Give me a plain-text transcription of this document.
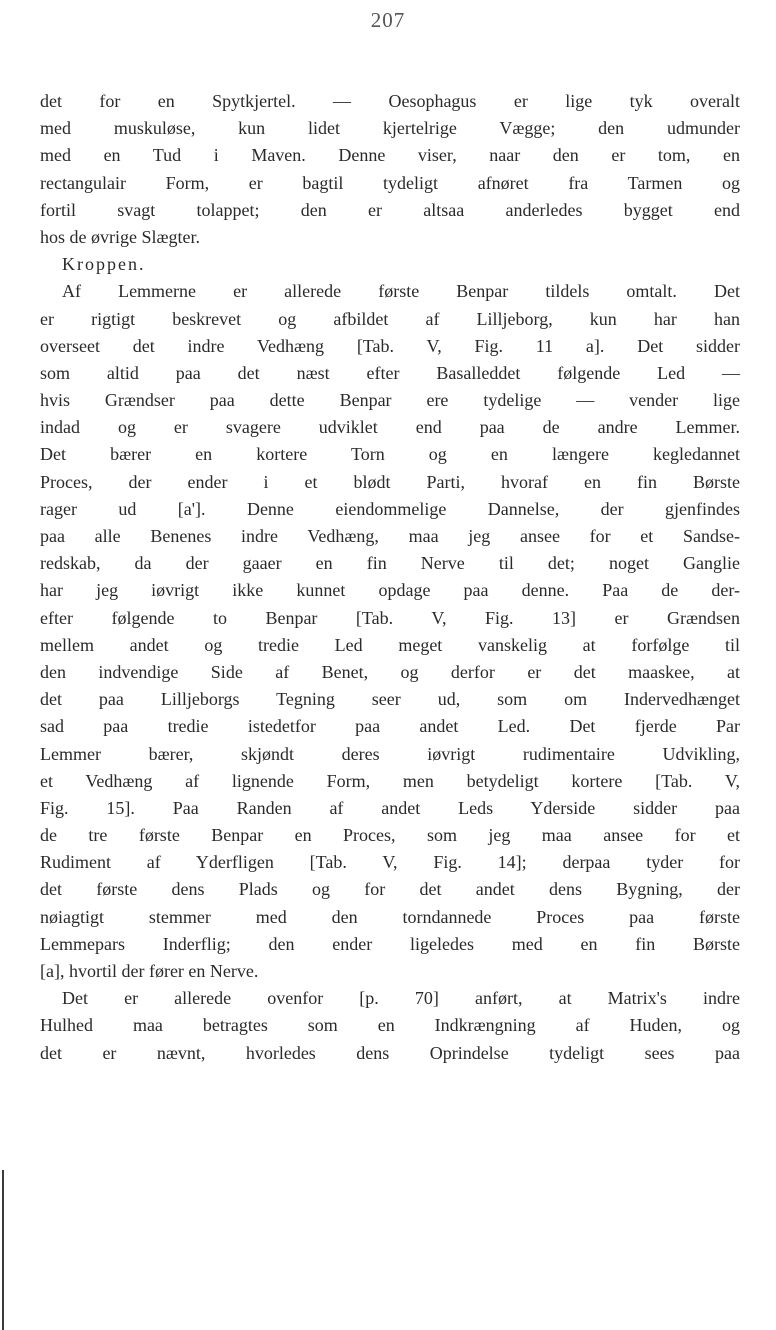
207
det for en Spytkjertel. — Oesophagus er lige tyk overalt
med muskuløse, kun lidet kjertelrige Vægge; den udmunder
med en Tud i Maven. Denne viser, naar den er tom, en
rectangulair Form, er bagtil tydeligt afnøret fra Tarmen og
fortil svagt tolappet; den er altsaa anderledes bygget end
hos de øvrige Slægter.
Kroppen.
Af Lemmerne er allerede første Benpar tildels omtalt. Det
er rigtigt beskrevet og afbildet af Lilljeborg, kun har han
overseet det indre Vedhæng [Tab. V, Fig. 11 a]. Det sidder
som altid paa det næst efter Basalleddet følgende Led —
hvis Grændser paa dette Benpar ere tydelige — vender lige
indad og er svagere udviklet end paa de andre Lemmer.
Det bærer en kortere Torn og en længere kegledannet
Proces, der ender i et blødt Parti, hvoraf en fin Børste
rager ud [a']. Denne eiendommelige Dannelse, der gjenfindes
paa alle Benenes indre Vedhæng, maa jeg ansee for et Sandse-
redskab, da der gaaer en fin Nerve til det; noget Ganglie
har jeg iøvrigt ikke kunnet opdage paa denne. Paa de der-
efter følgende to Benpar [Tab. V, Fig. 13] er Grændsen
mellem andet og tredie Led meget vanskelig at forfølge til
den indvendige Side af Benet, og derfor er det maaskee, at
det paa Lilljeborgs Tegning seer ud, som om Indervedhænget
sad paa tredie istedetfor paa andet Led. Det fjerde Par
Lemmer bærer, skjøndt deres iøvrigt rudimentaire Udvikling,
et Vedhæng af lignende Form, men betydeligt kortere [Tab. V,
Fig. 15]. Paa Randen af andet Leds Yderside sidder paa
de tre første Benpar en Proces, som jeg maa ansee for et
Rudiment af Yderfligen [Tab. V, Fig. 14]; derpaa tyder for
det første dens Plads og for det andet dens Bygning, der
nøiagtigt stemmer med den torndannede Proces paa første
Lemmepars Inderflig; den ender ligeledes med en fin Børste
[a], hvortil der fører en Nerve.
Det er allerede ovenfor [p. 70] anført, at Matrix's indre
Hulhed maa betragtes som en Indkrængning af Huden, og
det er nævnt, hvorledes dens Oprindelse tydeligt sees paa
